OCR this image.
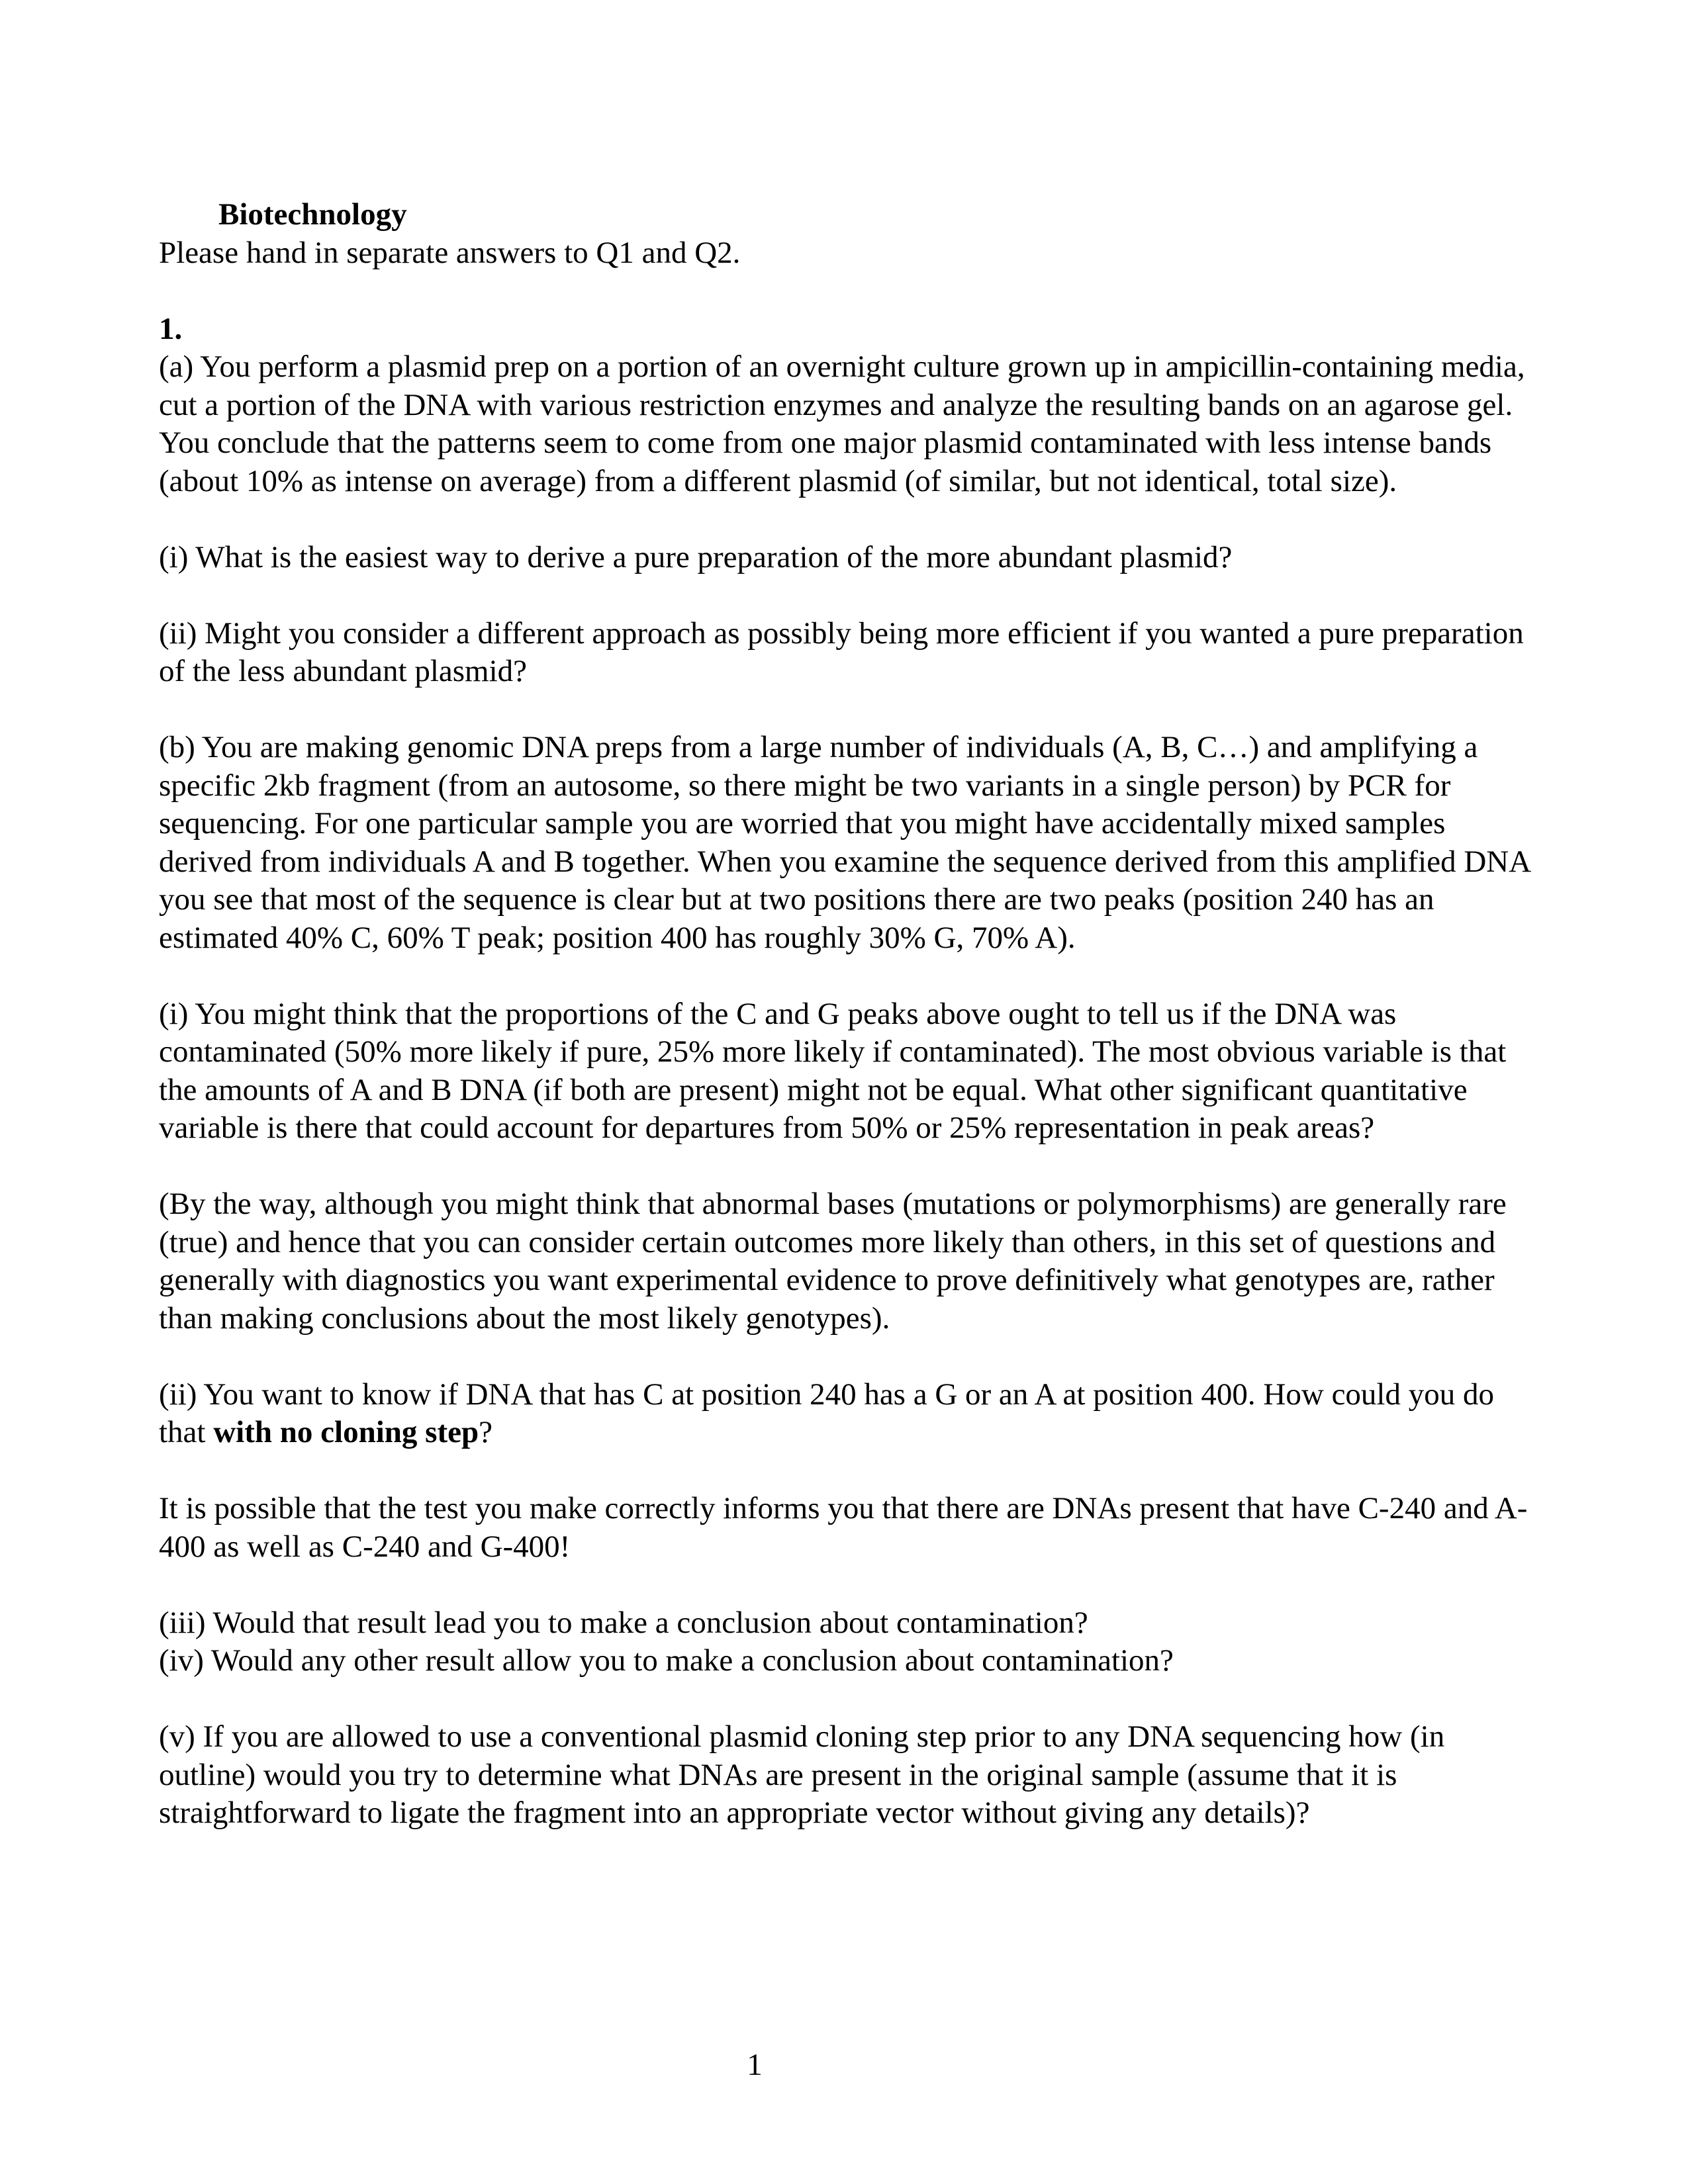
Biotechnology

Please hand in separate answers to Q1 and Q2.

1.

(a) You perform a plasmid prep on a portion of an overnight culture grown up in ampicillin-containing media, cut a portion of the DNA with various restriction enzymes and analyze the resulting bands on an agarose gel. You conclude that the patterns seem to come from one major plasmid contaminated with less intense bands (about 10% as intense on average) from a different plasmid (of similar, but not identical, total size).

(i) What is the easiest way to derive a pure preparation of the more abundant plasmid?

(ii) Might you consider a different approach as possibly being more efficient if you wanted a pure preparation of the less abundant plasmid?

(b) You are making genomic DNA preps from a large number of individuals (A, B, C…) and amplifying a specific 2kb fragment (from an autosome, so there might be two variants in a single person) by PCR for sequencing. For one particular sample you are worried that you might have accidentally mixed samples derived from individuals A and B together. When you examine the sequence derived from this amplified DNA you see that most of the sequence is clear but at two positions there are two peaks (position 240 has an estimated 40% C, 60% T peak; position 400 has roughly 30% G, 70% A).

(i) You might think that the proportions of the C and G peaks above ought to tell us if the DNA was contaminated (50% more likely if pure, 25% more likely if contaminated). The most obvious variable is that the amounts of A and B DNA (if both are present) might not be equal. What other significant quantitative variable is there that could account for departures from 50% or 25% representation in peak areas?

(By the way, although you might think that abnormal bases (mutations or polymorphisms) are generally rare (true) and hence that you can consider certain outcomes more likely than others, in this set of questions and generally with diagnostics you want experimental evidence to prove definitively what genotypes are, rather than making conclusions about the most likely genotypes).

(ii) You want to know if DNA that has C at position 240 has a G or an A at position 400. How could you do that with no cloning step?

It is possible that the test you make correctly informs you that there are DNAs present that have C-240 and A-400 as well as C-240 and G-400!

(iii) Would that result lead you to make a conclusion about contamination?

(iv) Would any other result allow you to make a conclusion about contamination?

(v) If you are allowed to use a conventional plasmid cloning step prior to any DNA sequencing how (in outline) would you try to determine what DNAs are present in the original sample (assume that it is straightforward to ligate the fragment into an appropriate vector without giving any details)?

1
